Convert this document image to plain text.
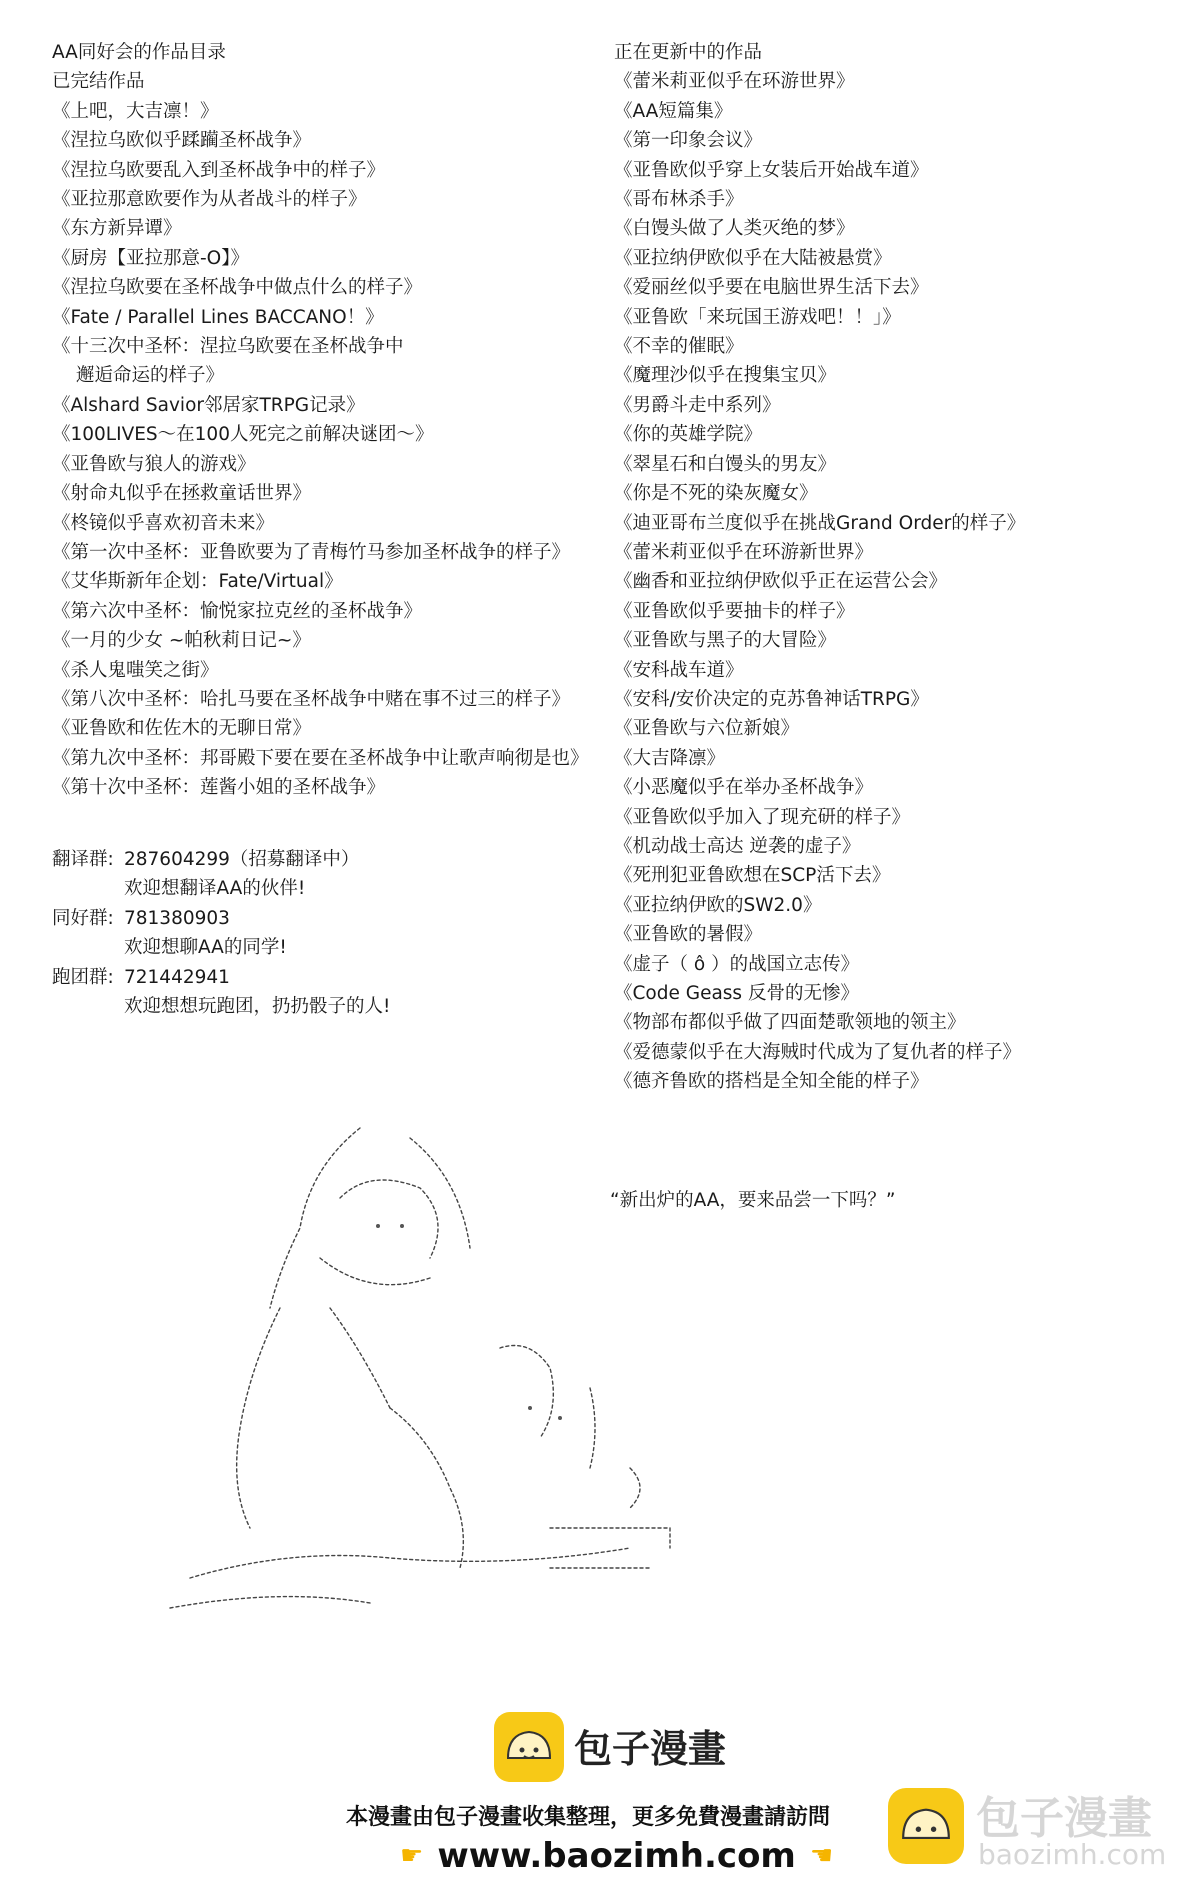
AA同好会的作品目录
已完结作品
《上吧，大吉凛！》
《涅拉乌欧似乎蹂躏圣杯战争》
《涅拉乌欧要乱入到圣杯战争中的样子》
《亚拉那意欧要作为从者战斗的样子》
《东方新异谭》
《厨房【亚拉那意-O】》
《涅拉乌欧要在圣杯战争中做点什么的样子》
《Fate / Parallel Lines BACCANO！》
《十三次中圣杯：涅拉乌欧要在圣杯战争中
邂逅命运的样子》
《Alshard Savior邻居家TRPG记录》
《100LIVES～在100人死完之前解决谜团～》
《亚鲁欧与狼人的游戏》
《射命丸似乎在拯救童话世界》
《柊镜似乎喜欢初音未来》
《第一次中圣杯：亚鲁欧要为了青梅竹马参加圣杯战争的样子》
《艾华斯新年企划：Fate/Virtual》
《第六次中圣杯：愉悦家拉克丝的圣杯战争》
《一月的少女 ~帕秋莉日记~》
《杀人鬼嗤笑之街》
《第八次中圣杯：哈扎马要在圣杯战争中赌在事不过三的样子》
《亚鲁欧和佐佐木的无聊日常》
《第九次中圣杯：邦哥殿下要在要在圣杯战争中让歌声响彻是也》
《第十次中圣杯：莲酱小姐的圣杯战争》
正在更新中的作品
《蕾米莉亚似乎在环游世界》
《AA短篇集》
《第一印象会议》
《亚鲁欧似乎穿上女装后开始战车道》
《哥布林杀手》
《白馒头做了人类灭绝的梦》
《亚拉纳伊欧似乎在大陆被悬赏》
《爱丽丝似乎要在电脑世界生活下去》
《亚鲁欧「来玩国王游戏吧！！」》
《不幸的催眠》
《魔理沙似乎在搜集宝贝》
《男爵斗走中系列》
《你的英雄学院》
《翠星石和白馒头的男友》
《你是不死的染灰魔女》
《迪亚哥布兰度似乎在挑战Grand Order的样子》
《蕾米莉亚似乎在环游新世界》
《幽香和亚拉纳伊欧似乎正在运营公会》
《亚鲁欧似乎要抽卡的样子》
《亚鲁欧与黑子的大冒险》
《安科战车道》
《安科/安价决定的克苏鲁神话TRPG》
《亚鲁欧与六位新娘》
《大吉降凛》
《小恶魔似乎在举办圣杯战争》
《亚鲁欧似乎加入了现充研的样子》
《机动战士高达 逆袭的虚子》
《死刑犯亚鲁欧想在SCP活下去》
《亚拉纳伊欧的SW2.0》
《亚鲁欧的暑假》
《虚子（ ô ）的战国立志传》
《Code Geass 反骨的无惨》
《物部布都似乎做了四面楚歌领地的领主》
《爱德蒙似乎在大海贼时代成为了复仇者的样子》
《德齐鲁欧的搭档是全知全能的样子》
翻译群: 287604299（招募翻译中）
欢迎想翻译AA的伙伴!
同好群: 781380903
欢迎想聊AA的同学!
跑团群: 721442941
欢迎想想玩跑团，扔扔骰子的人!
“新出炉的AA，要来品尝一下吗？”
包子漫畫
本漫畫由包子漫畫收集整理，更多免費漫畫請訪問
☛ www.baozimh.com ☚
包子漫畫
baozimh.com
